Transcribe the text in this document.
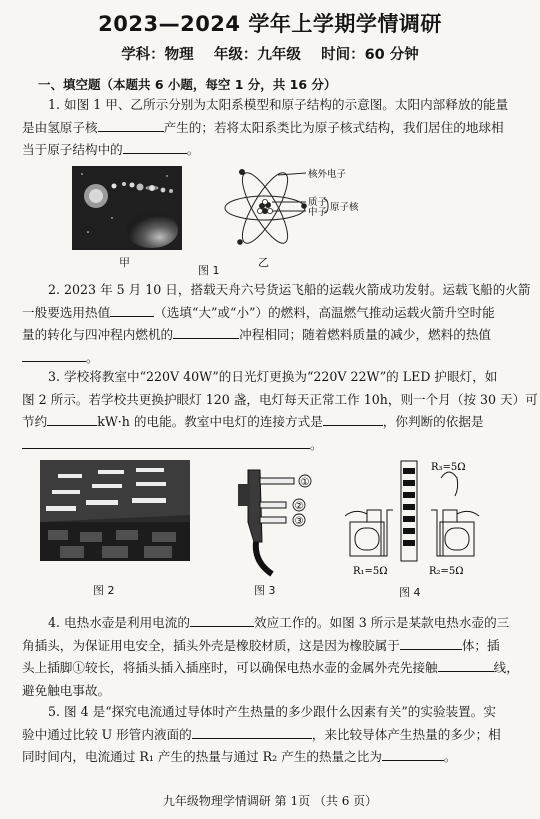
2023—2024 学年上学期学情调研
学科：物理    年级：九年级    时间：60 分钟
一、填空题（本题共 6 小题，每空 1 分，共 16 分）
1. 如图 1 甲、乙所示分别为太阳系模型和原子结构的示意图。太阳内部释放的能量
是由氢原子核	产生的；若将太阳系类比为原子核式结构，我们居住的地球相
当于原子结构中的	。
甲
核外电子
质子
中子 原子核
乙
图 1
2. 2023 年 5 月 10 日，搭载天舟六号货运飞船的运载火箭成功发射。运载飞船的火箭
一般要选用热值	（选填“大”或“小”）的燃料，高温燃气推动运载火箭升空时能
量的转化与四冲程内燃机的	冲程相同；随着燃料质量的减少，燃料的热值
。
3. 学校将教室中“220V 40W”的日光灯更换为“220V 22W”的 LED 护眼灯，如
图 2 所示。若学校共更换护眼灯 120 盏，电灯每天正常工作 10h，则一个月（按 30 天）可
节约	kW·h 的电能。教室中电灯的连接方式是	，你判断的依据是
。
图 2
①
②
③
图 3
R₃=5Ω
R₁=5Ω	R₂=5Ω
图 4
4. 电热水壶是利用电流的	效应工作的。如图 3 所示是某款电热水壶的三
角插头，为保证用电安全，插头外壳是橡胶材质，这是因为橡胶属于	体；插
头上插脚①较长，将插头插入插座时，可以确保电热水壶的金属外壳先接触	线，
避免触电事故。
5. 图 4 是“探究电流通过导体时产生热量的多少跟什么因素有关”的实验装置。实
验中通过比较 U 形管内液面的	，来比较导体产生热量的多少；相
同时间内，电流通过 R₁ 产生的热量与通过 R₂ 产生的热量之比为	。
九年级物理学情调研 第 1页 （共 6 页）
